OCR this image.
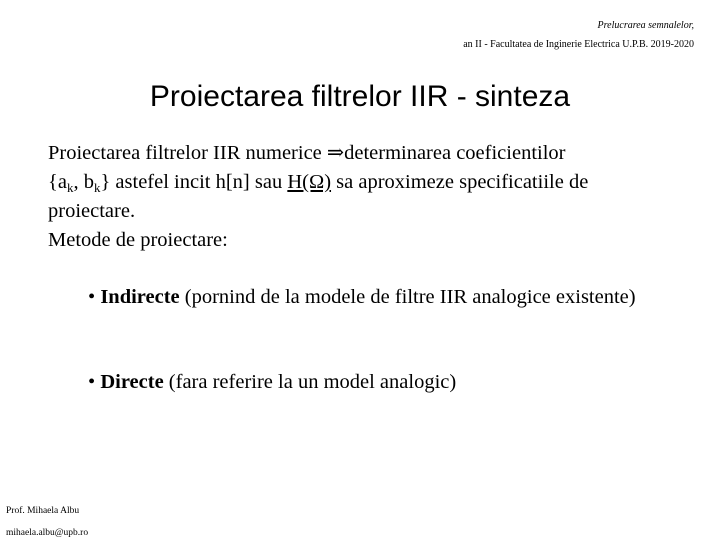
Prelucrarea semnalelor,
an II - Facultatea de Inginerie Electrica U.P.B. 2019-2020
Proiectarea filtrelor IIR - sinteza
Proiectarea filtrelor IIR numerice ⇒determinarea coeficientilor
{$a_k$, $b_k$} astefel incit h[n] sau H(Ω) sa aproximeze specificatiile de
proiectare.
Metode de proiectare:
• Indirecte (pornind de la modele de filtre IIR analogice existente)
• Directe (fara referire la un model analogic)
Prof. Mihaela Albu
mihaela.albu@upb.ro
